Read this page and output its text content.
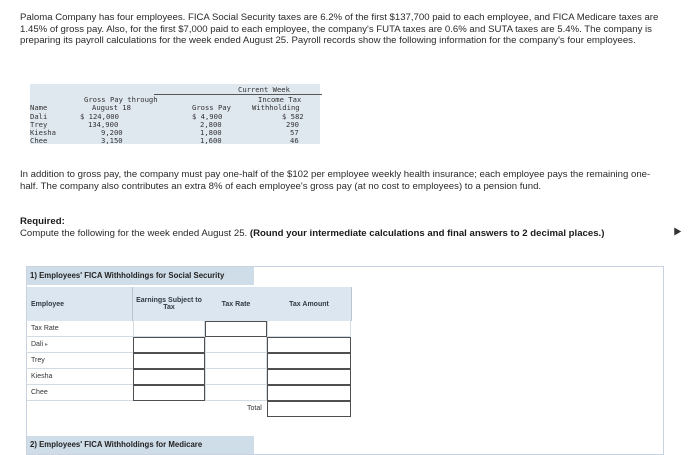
Paloma Company has four employees. FICA Social Security taxes are 6.2% of the first $137,700 paid to each employee, and FICA Medicare taxes are 1.45% of gross pay. Also, for the first $7,000 paid to each employee, the company's FUTA taxes are 0.6% and SUTA taxes are 5.4%. The company is preparing its payroll calculations for the week ended August 25. Payroll records show the following information for the company's four employees.
Current Week
Gross Pay through	Income Tax
Name	August 18	Gross Pay	Withholding
Dali	$ 124,000	$ 4,900	$ 582
Trey	134,900	2,800	290
Kiesha	9,200	1,800	57
Chee	3,150	1,600	46
In addition to gross pay, the company must pay one-half of the $102 per employee weekly health insurance; each employee pays the remaining one-half. The company also contributes an extra 8% of each employee's gross pay (at no cost to employees) to a pension fund.
Required:
Compute the following for the week ended August 25. (Round your intermediate calculations and final answers to 2 decimal places.)
1) Employees' FICA Withholdings for Social Security
Employee	Earnings Subject to Tax	Tax Rate	Tax Amount
Tax Rate
Dali ▸
Trey
Kiesha
Chee
Total
2) Employees' FICA Withholdings for Medicare
